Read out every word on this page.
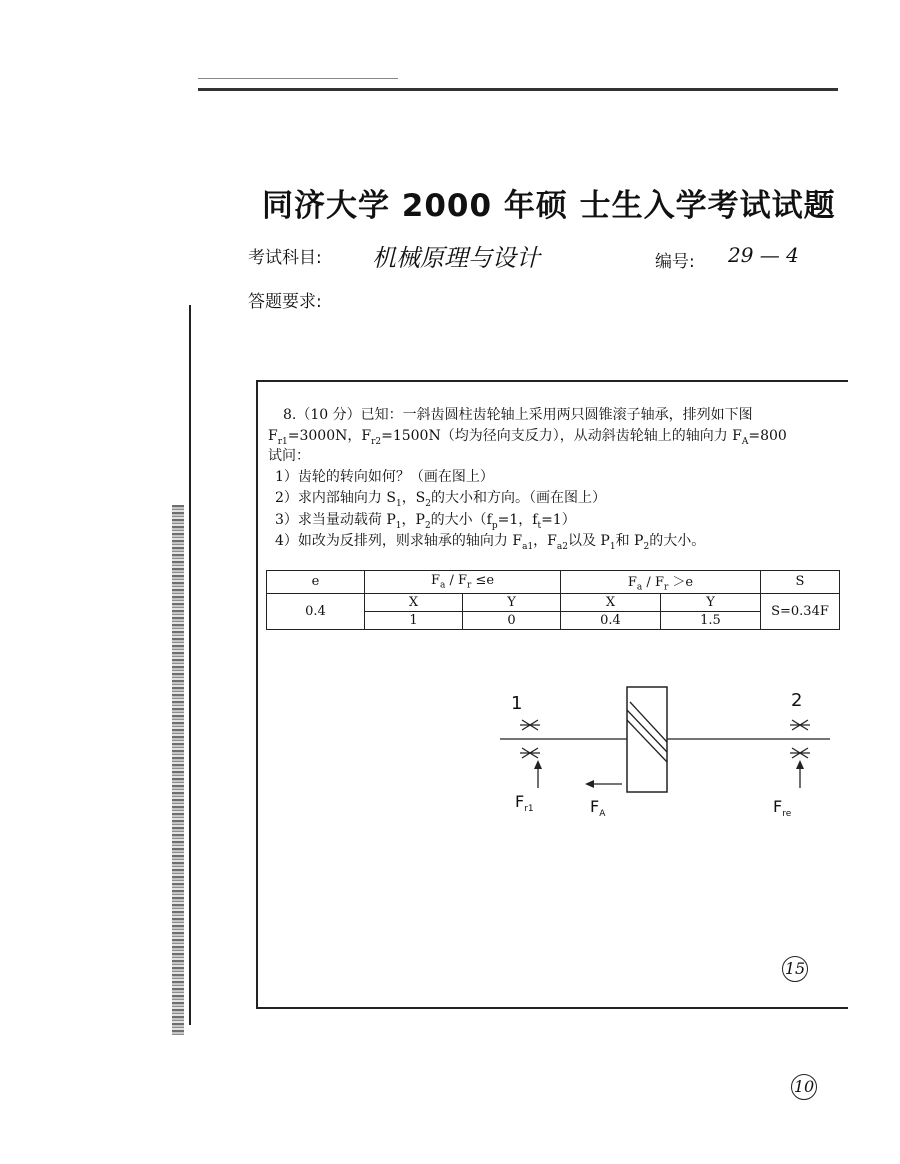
同济大学 2000 年硕 士生入学考试试题
考试科目: 机械原理与设计	编号: 29 — 4
答题要求:
8.（10 分）已知：一斜齿圆柱齿轮轴上采用两只圆锥滚子轴承，排列如下图
$F_{r1}=3000N$，$F_{r2}=1500N$（均为径向支反力），从动斜齿轮轴上的轴向力 $F_A=800$
试问：
1）齿轮的转向如何？（画在图上）
2）求内部轴向力 $S_1$，$S_2$的大小和方向。（画在图上）
3）求当量动载荷 $P_1$，$P_2$的大小（$f_p=1$，$f_t=1$）
4）如改为反排列，则求轴承的轴向力 $F_{a1}$，$F_{a2}$以及 $P_1$和 $P_2$的大小。
e	$F_a / F_r \le e$		$F_a / F_r >e$		S
0.4	X	Y	X	Y	S=0.34F
	1	0	0.4	1.5	
1	2
$F_{r1}$	$F_A$	$F_{re}$
15
10
